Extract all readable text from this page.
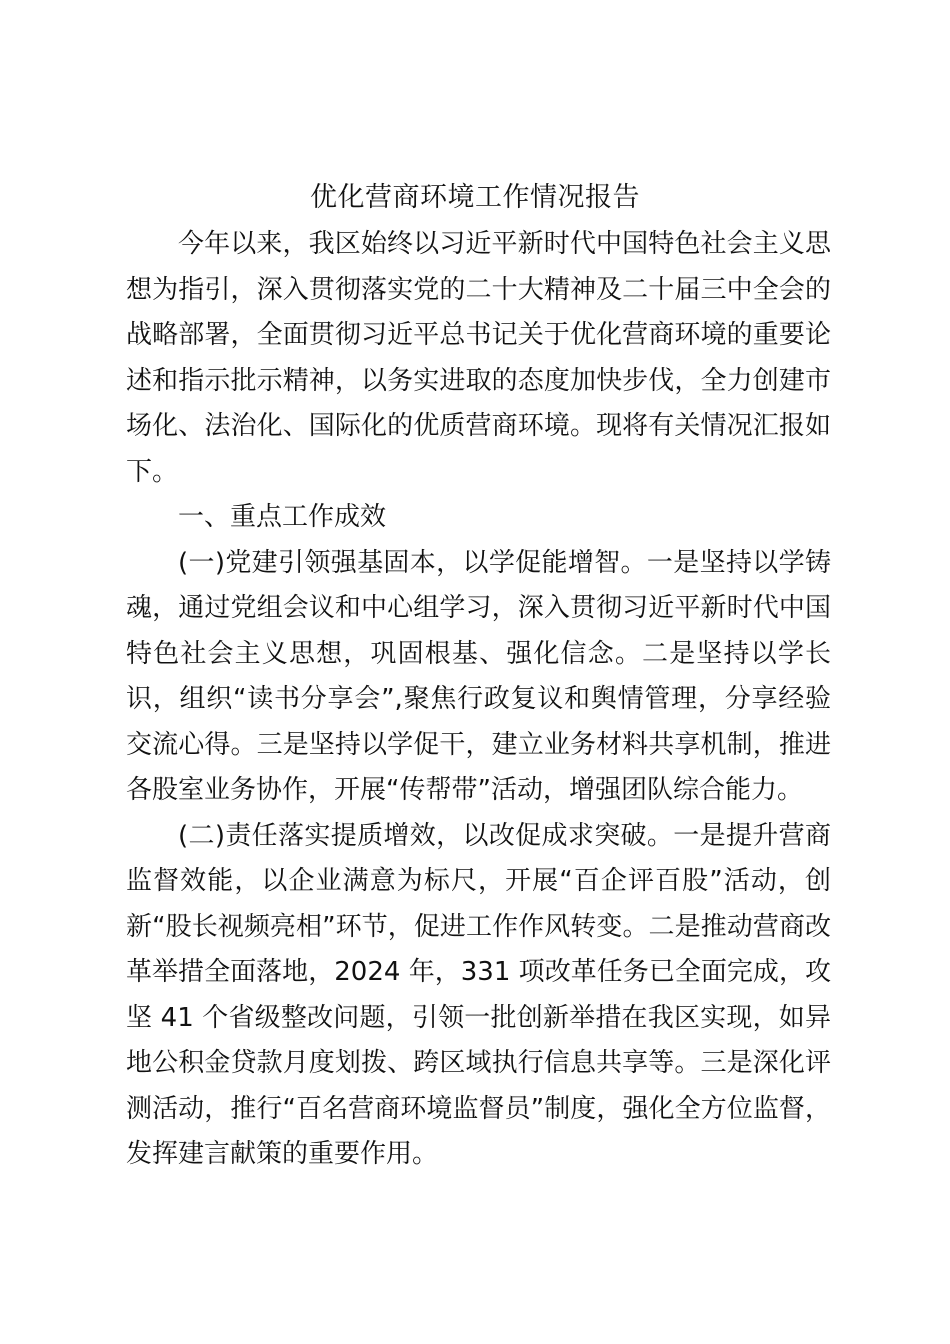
优化营商环境工作情况报告

今年以来，我区始终以习近平新时代中国特色社会主义思想为指引，深入贯彻落实党的二十大精神及二十届三中全会的战略部署，全面贯彻习近平总书记关于优化营商环境的重要论述和指示批示精神，以务实进取的态度加快步伐，全力创建市场化、法治化、国际化的优质营商环境。现将有关情况汇报如下。

一、重点工作成效

(一)党建引领强基固本，以学促能增智。一是坚持以学铸魂，通过党组会议和中心组学习，深入贯彻习近平新时代中国特色社会主义思想，巩固根基、强化信念。二是坚持以学长识，组织“读书分享会”,聚焦行政复议和舆情管理，分享经验交流心得。三是坚持以学促干，建立业务材料共享机制，推进各股室业务协作，开展“传帮带”活动，增强团队综合能力。

(二)责任落实提质增效，以改促成求突破。一是提升营商监督效能，以企业满意为标尺，开展“百企评百股”活动，创新“股长视频亮相”环节，促进工作作风转变。二是推动营商改革举措全面落地，2024 年，331 项改革任务已全面完成，攻坚 41 个省级整改问题，引领一批创新举措在我区实现，如异地公积金贷款月度划拨、跨区域执行信息共享等。三是深化评测活动，推行“百名营商环境监督员”制度，强化全方位监督，发挥建言献策的重要作用。
